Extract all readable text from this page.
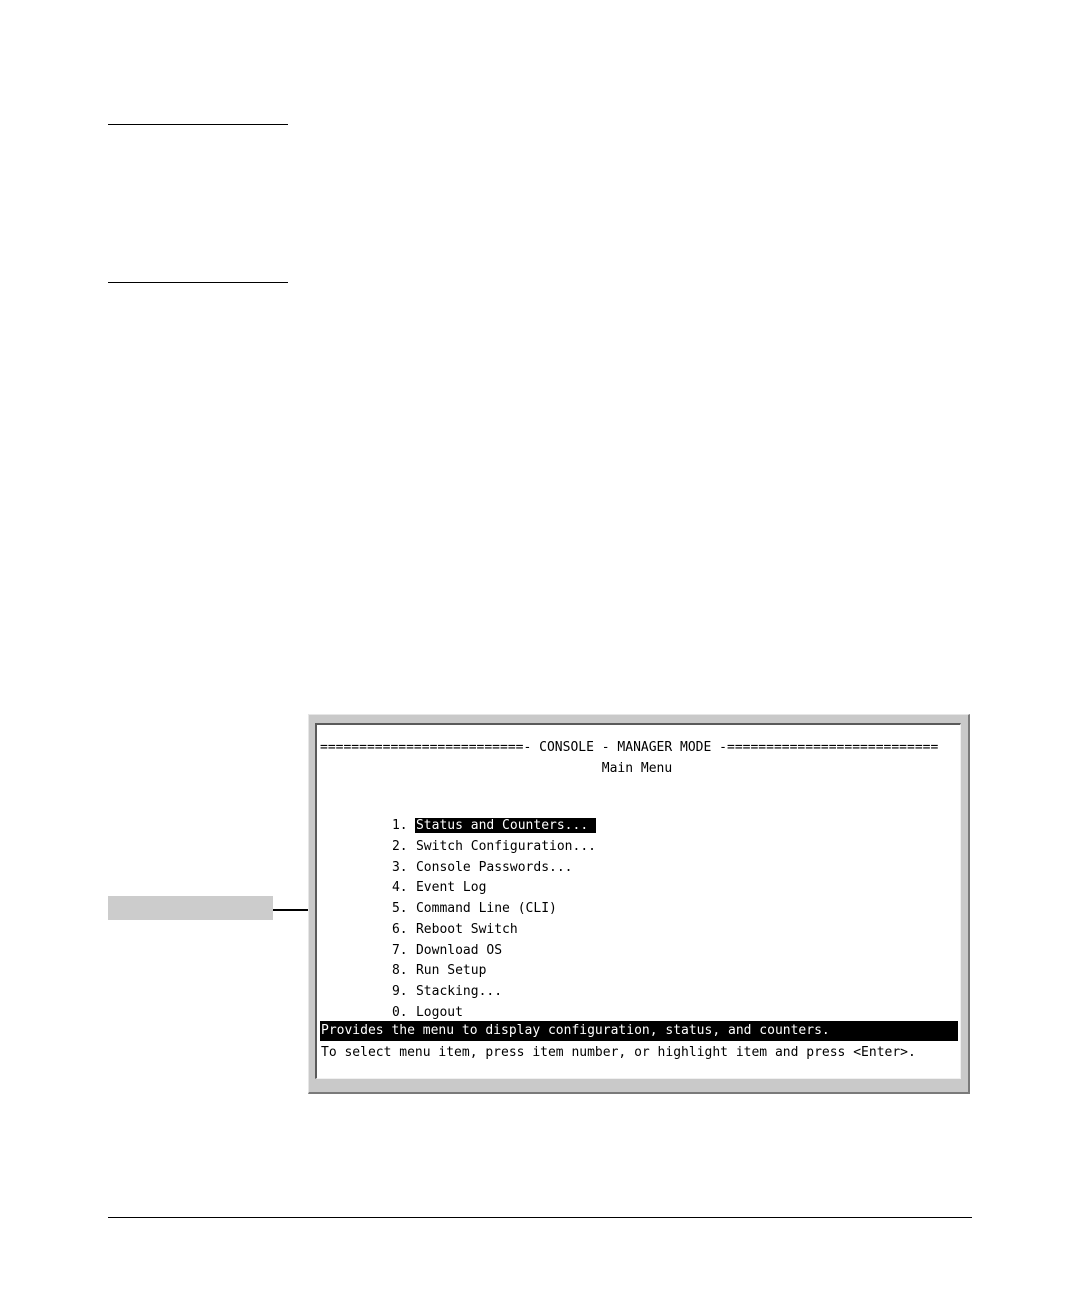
==========================- CONSOLE - MANAGER MODE -===========================
Main Menu

1. Status and Counters...

2. Switch Configuration...

3. Console Passwords...

4. Event Log

5. Command Line (CLI)

6. Reboot Switch

7. Download OS

8. Run Setup

9. Stacking...

0. Logout

Provides the menu to display configuration, status, and counters.
To select menu item, press item number, or highlight item and press <Enter>.
